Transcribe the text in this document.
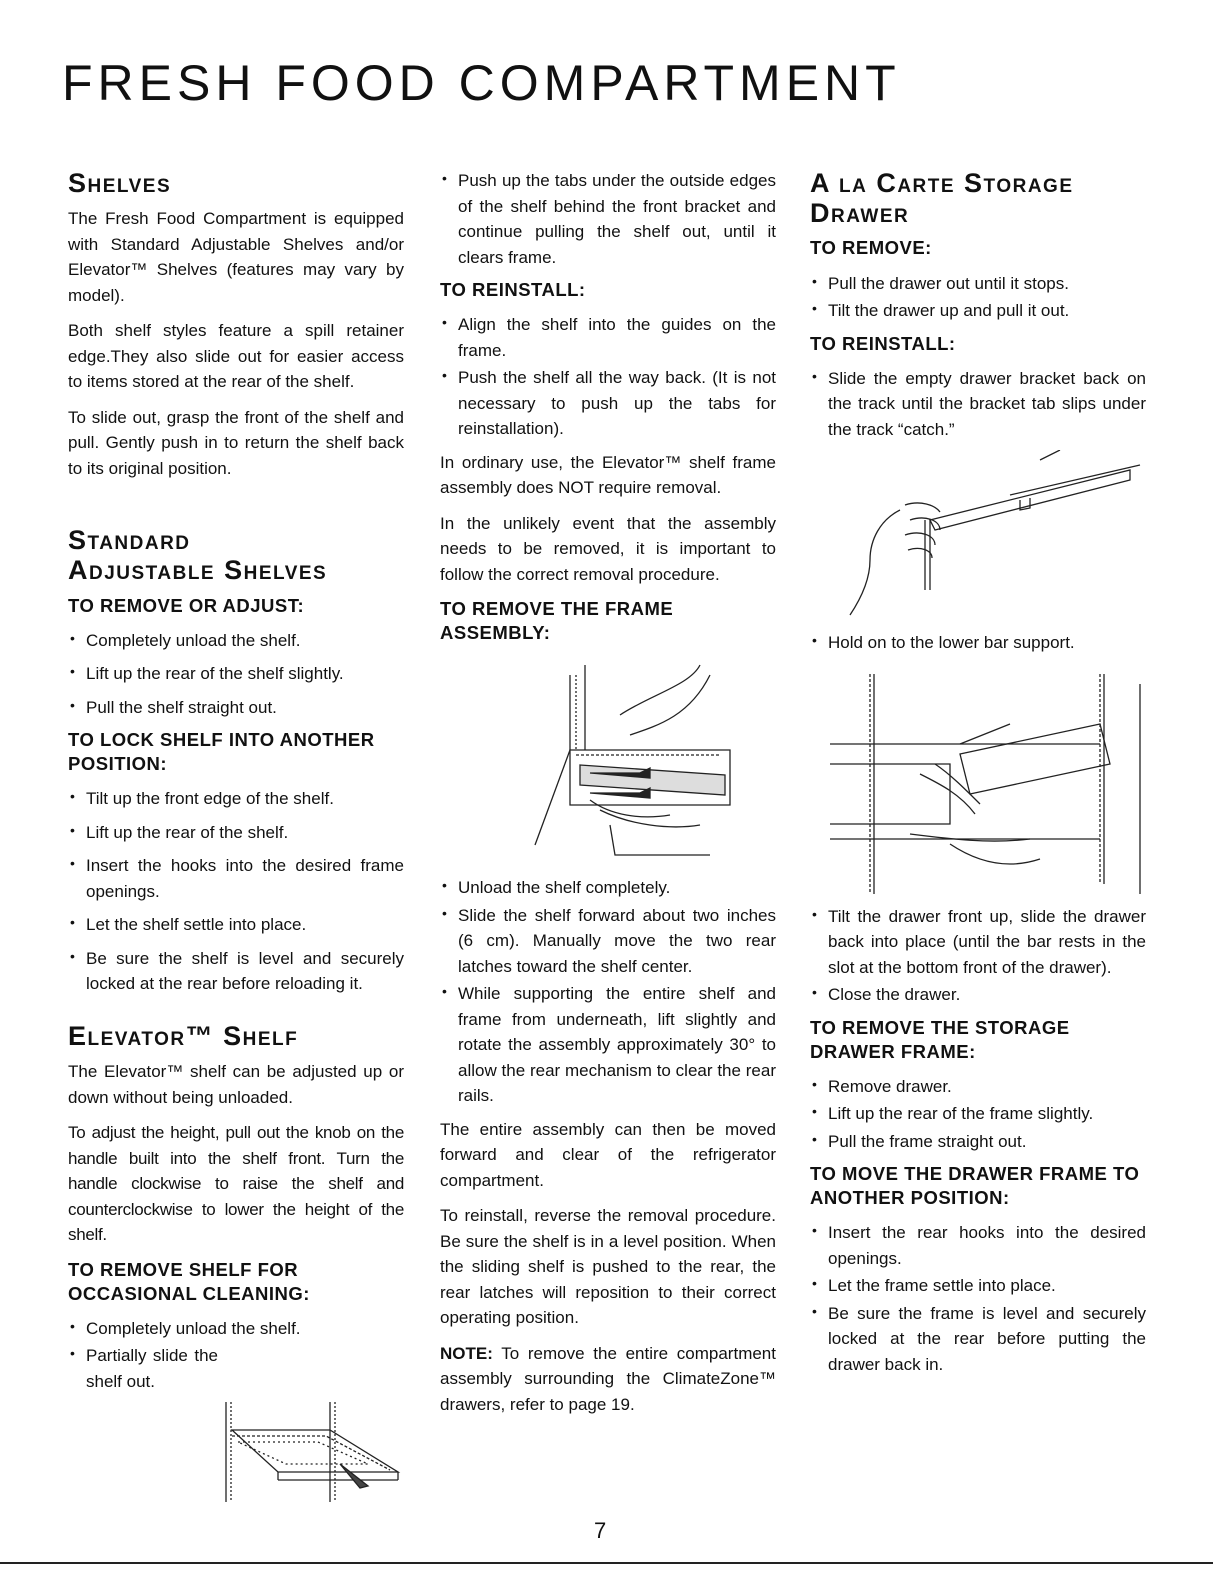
FRESH FOOD COMPARTMENT
Shelves

The Fresh Food Compartment is equipped with Standard Adjustable Shelves and/or Elevator™ Shelves (features may vary by model).

Both shelf styles feature a spill retainer edge.They also slide out for easier access to items stored at the rear of the shelf.

To slide out, grasp the front of the shelf and pull. Gently push in to return the shelf back to its original position.

Standard
Adjustable Shelves
TO REMOVE OR ADJUST:
• Completely unload the shelf.
• Lift up the rear of the shelf slightly.
• Pull the shelf straight out.
TO LOCK SHELF INTO ANOTHER POSITION:
• Tilt up the front edge of the shelf.
• Lift up the rear of the shelf.
• Insert the hooks into the desired frame openings.
• Let the shelf settle into place.
• Be sure the shelf is level and securely locked at the rear before reloading it.
Elevator™ Shelf

The Elevator™ shelf can be adjusted up or down without being unloaded.

To adjust the height, pull out the knob on the handle built into the shelf front. Turn the handle clockwise to raise the shelf and counterclockwise to lower the height of the shelf.

TO REMOVE SHELF FOR OCCASIONAL CLEANING:
• Completely unload the shelf.
• Partially slide the shelf out.
• Push up the tabs under the outside edges of the shelf behind the front bracket and continue pulling the shelf out, until it clears frame.
TO REINSTALL:
• Align the shelf into the guides on the frame.
• Push the shelf all the way back. (It is not necessary to push up the tabs for reinstallation).

In ordinary use, the Elevator™ shelf frame assembly does NOT require removal.

In the unlikely event that the assembly needs to be removed, it is important to follow the correct removal procedure.

TO REMOVE THE FRAME ASSEMBLY:
• Unload the shelf completely.
• Slide the shelf forward about two inches (6 cm). Manually move the two rear latches toward the shelf center.
• While supporting the entire shelf and frame from underneath, lift slightly and rotate the assembly approximately 30° to allow the rear mechanism to clear the rear rails.

The entire assembly can then be moved forward and clear of the refrigerator compartment.

To reinstall, reverse the removal procedure. Be sure the shelf is in a level position. When the sliding shelf is pushed to the rear, the rear latches will reposition to their correct operating position.

NOTE: To remove the entire compartment assembly surrounding the ClimateZone™ drawers, refer to page 19.

A la Carte Storage Drawer
TO REMOVE:
• Pull the drawer out until it stops.
• Tilt the drawer up and pull it out.
TO REINSTALL:
• Slide the empty drawer bracket back on the track until the bracket tab slips under the track “catch.”
• Hold on to the lower bar support.
• Tilt the drawer front up, slide the drawer back into place (until the bar rests in the slot at the bottom front of the drawer).
• Close the drawer.
TO REMOVE THE STORAGE DRAWER FRAME:
• Remove drawer.
• Lift up the rear of the frame slightly.
• Pull the frame straight out.
TO MOVE THE DRAWER FRAME TO ANOTHER POSITION:
• Insert the rear hooks into the desired openings.
• Let the frame settle into place.
• Be sure the frame is level and securely locked at the rear before putting the drawer back in.
7
